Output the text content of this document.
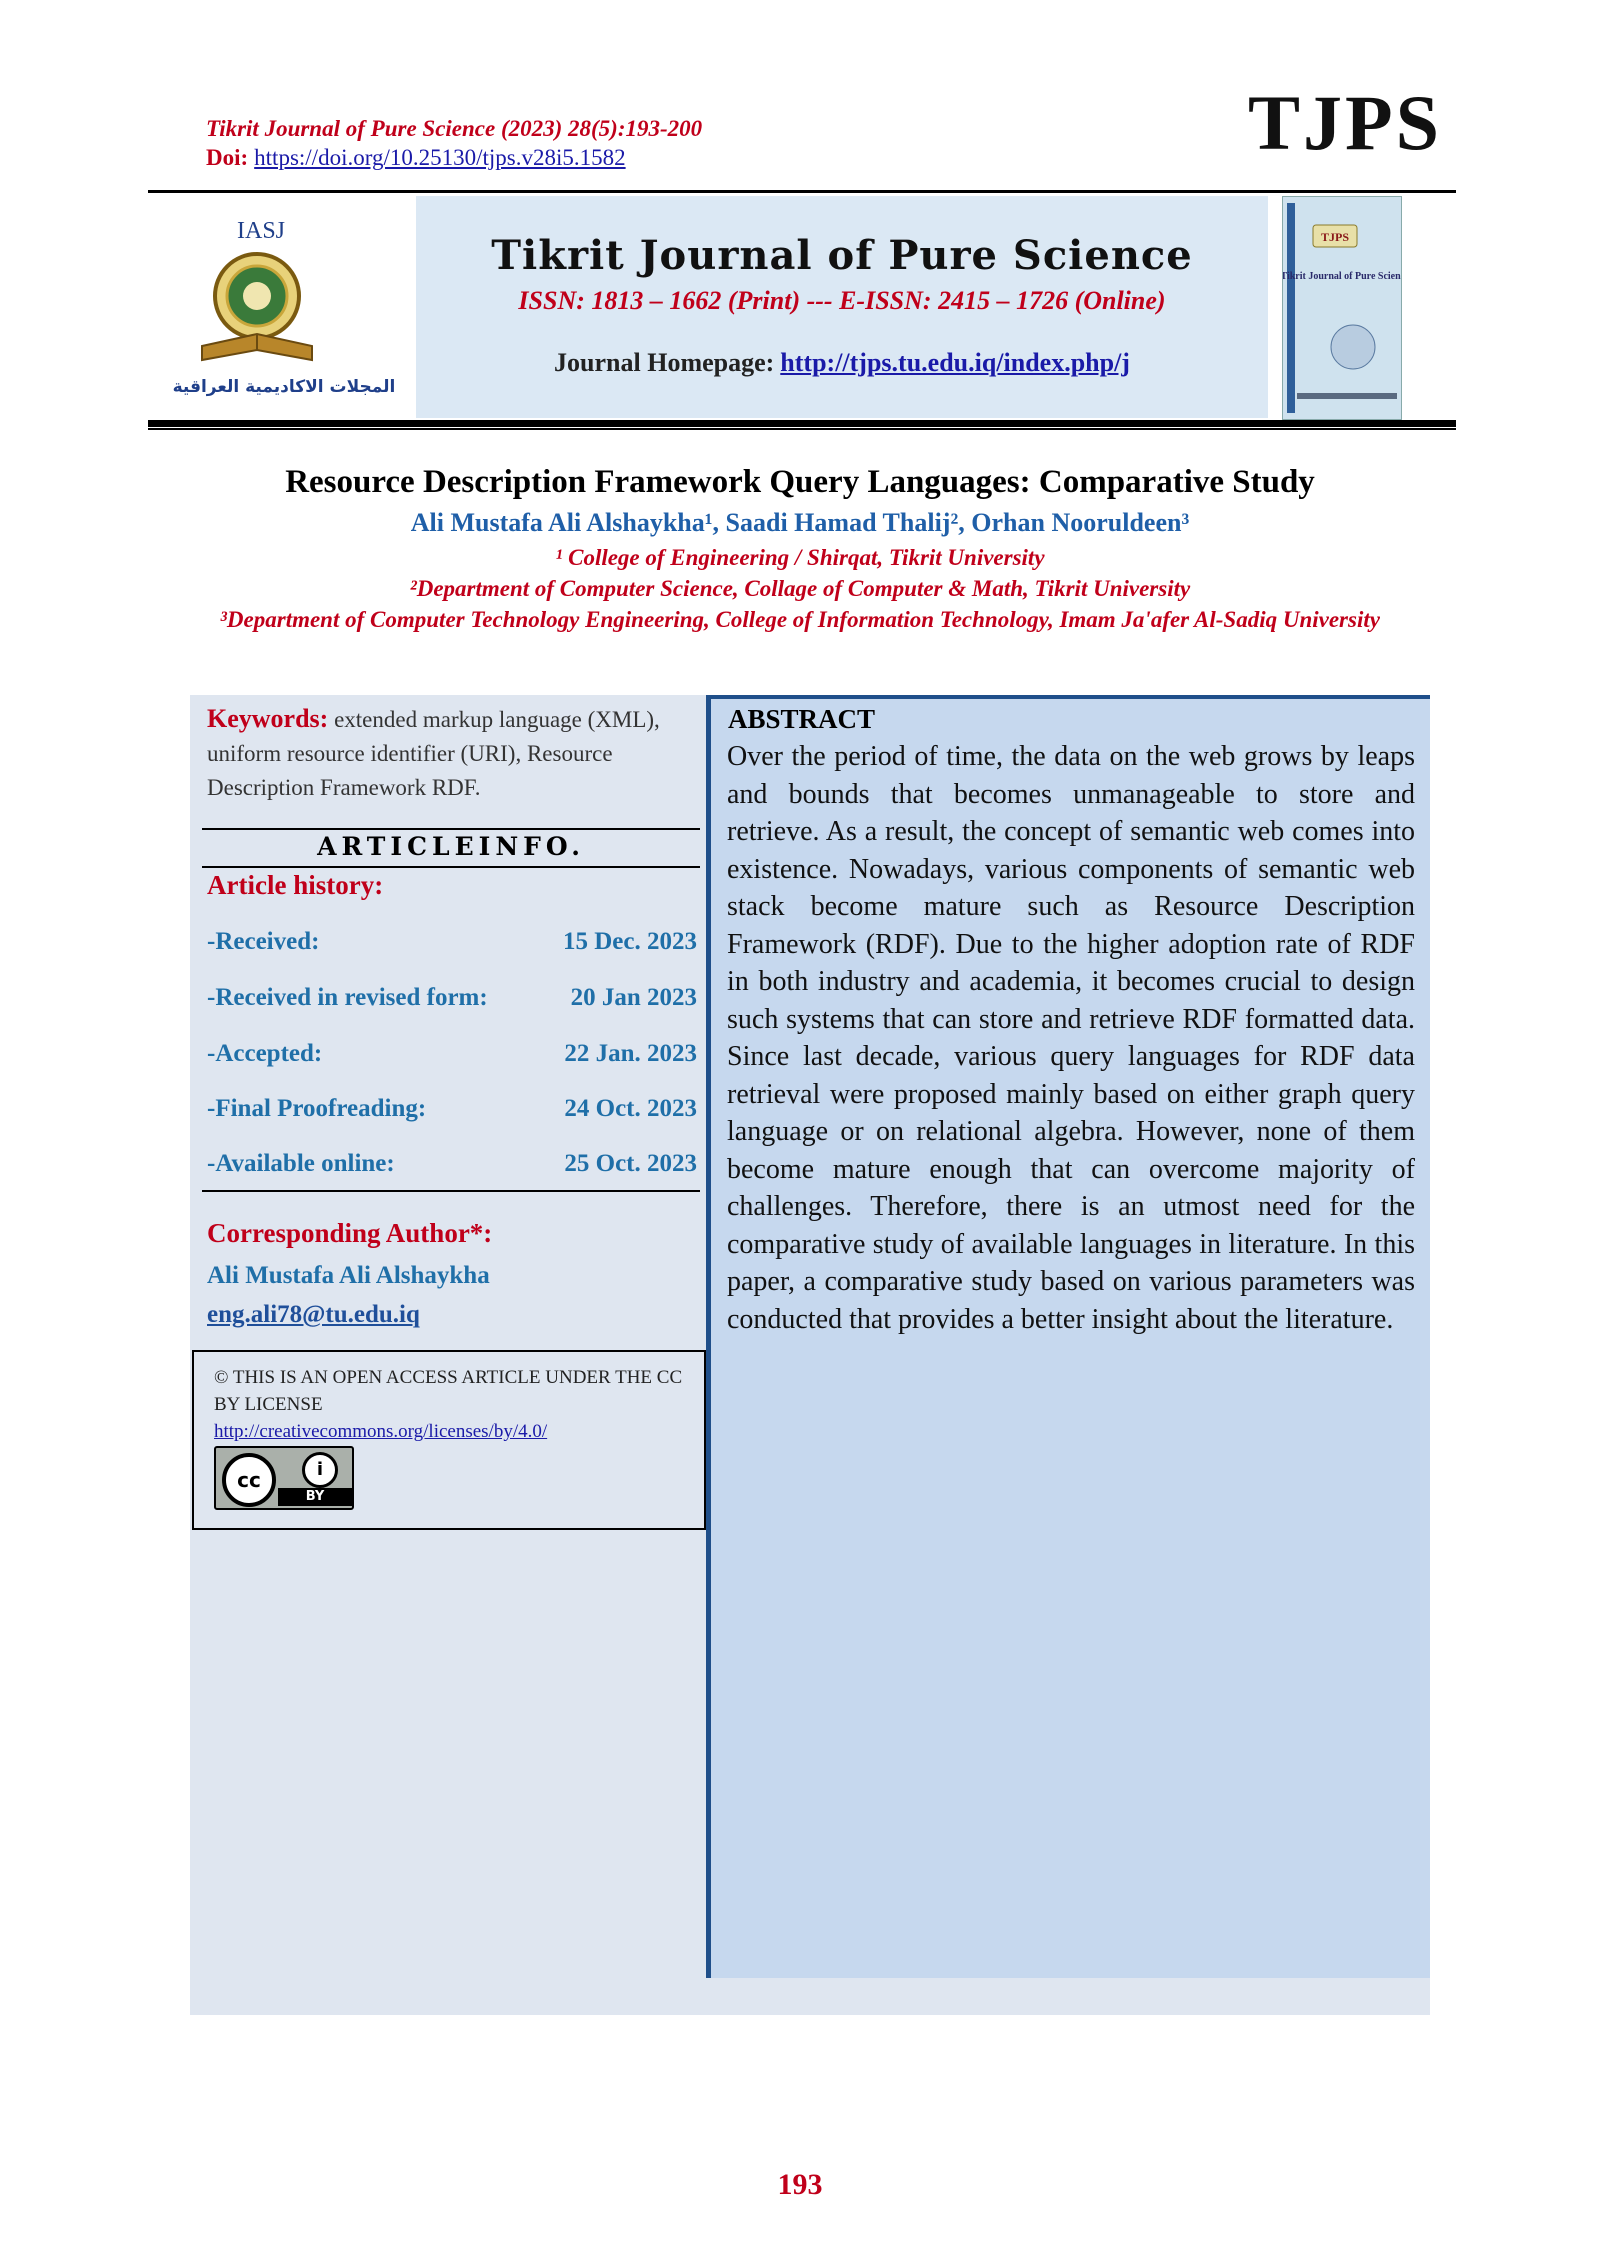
Tikrit Journal of Pure Science (2023) 28(5):193-200
Doi: https://doi.org/10.25130/tjps.v28i5.1582	TJPS
IASJ
المجلات الاكاديمية العراقية
Tikrit Journal of Pure Science
ISSN: 1813 – 1662 (Print) --- E-ISSN: 2415 – 1726 (Online)
Journal Homepage: http://tjps.tu.edu.iq/index.php/j
TJPS
Tikrit Journal of Pure Science
Resource Description Framework Query Languages: Comparative Study
Ali Mustafa Ali Alshaykha¹, Saadi Hamad Thalij², Orhan Nooruldeen³
¹ College of Engineering / Shirqat, Tikrit University
²Department of Computer Science, Collage of Computer & Math, Tikrit University
³Department of Computer Technology Engineering, College of Information Technology, Imam Ja'afer Al-Sadiq University
Keywords: extended markup language (XML), uniform resource identifier (URI), Resource Description Framework RDF.
ARTICLEINFO.
Article history:
-Received:	15 Dec. 2023
-Received in revised form:	20 Jan 2023
-Accepted:	22 Jan. 2023
-Final Proofreading:	24 Oct. 2023
-Available online:	25 Oct. 2023
Corresponding Author*:
Ali Mustafa Ali Alshaykha
eng.ali78@tu.edu.iq
© THIS IS AN OPEN ACCESS ARTICLE UNDER THE CC BY LICENSE
http://creativecommons.org/licenses/by/4.0/
cc	i
BY
ABSTRACT
Over the period of time, the data on the web grows by leaps and bounds that becomes unmanageable to store and retrieve. As a result, the concept of semantic web comes into existence. Nowadays, various components of semantic web stack become mature such as Resource Description Framework (RDF). Due to the higher adoption rate of RDF in both industry and academia, it becomes crucial to design such systems that can store and retrieve RDF formatted data. Since last decade, various query languages for RDF data retrieval were proposed mainly based on either graph query language or on relational algebra. However, none of them become mature enough that can overcome majority of challenges. Therefore, there is an utmost need for the comparative study of available languages in literature. In this paper, a comparative study based on various parameters was conducted that provides a better insight about the literature.
193
